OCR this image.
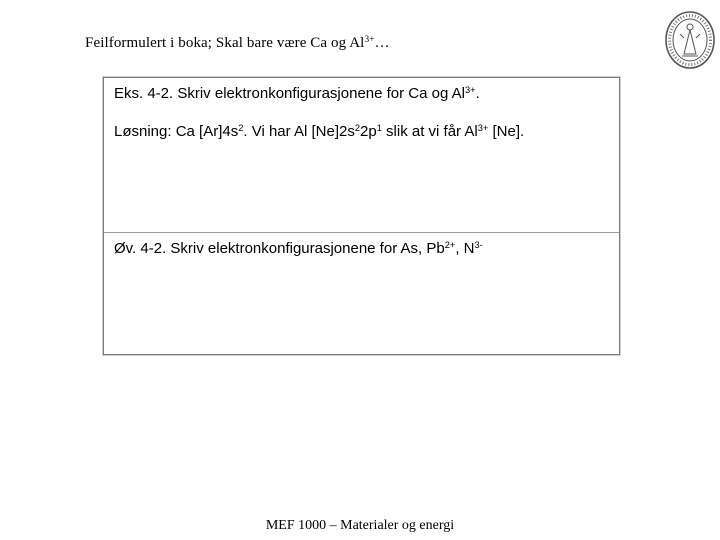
Feilformulert i boka; Skal bare være Ca og $Al^{3+}\dots$
Eks. 4-2. Skriv elektronkonfigurasjonene for Ca og $Al^{3+}$.
Løsning: Ca $[Ar]4s^2$. Vi har Al $[Ne]2s^22p^1$ slik at vi får $Al^{3+}$ [Ne].
Øv. 4-2. Skriv elektronkonfigurasjonene for As, $Pb^{2+}$, $N^{3-}$
MEF 1000 – Materialer og energi
